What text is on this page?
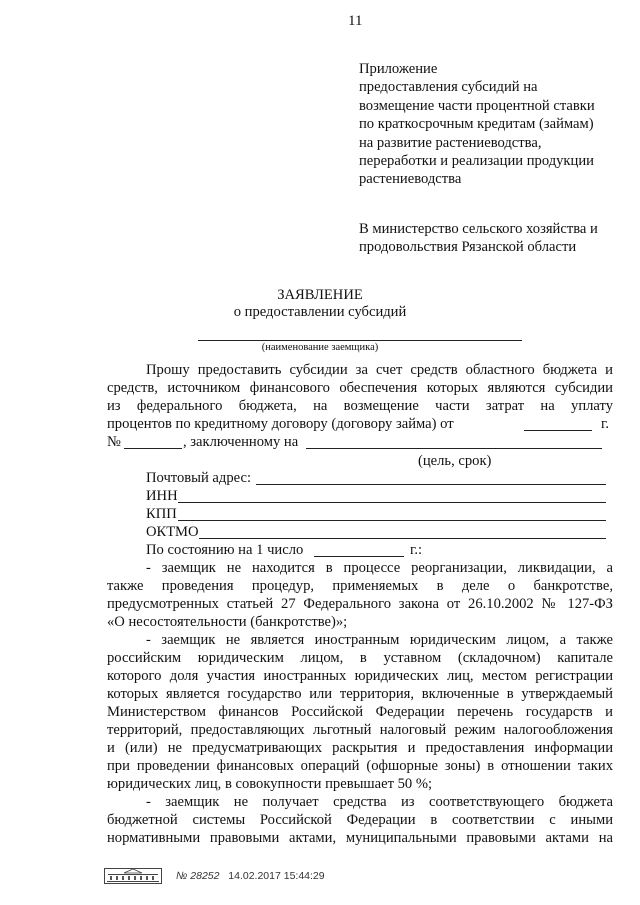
11
Приложение
предоставления субсидий на
возмещение части процентной ставки
по краткосрочным кредитам (займам)
на развитие растениеводства,
переработки и реализации продукции
растениеводства
В министерство сельского хозяйства и
продовольствия Рязанской области
ЗАЯВЛЕНИЕ
о предоставлении субсидий
(наименование заемщика)
Прошу предоставить субсидии за счет средств областного бюджета и
средств, источником финансового обеспечения которых являются субсидии
из федерального бюджета, на возмещение части затрат на уплату
процентов по кредитному договору (договору займа) от	г.
№	, заключенному на
(цель, срок)
Почтовый адрес:
ИНН
КПП
ОКТМО
По состоянию на 1 число	г.:
- заемщик не находится в процессе реорганизации, ликвидации, а
также проведения процедур, применяемых в деле о банкротстве,
предусмотренных статьей 27 Федерального закона от 26.10.2002 № 127-ФЗ
«О несостоятельности (банкротстве)»;
- заемщик не является иностранным юридическим лицом, а также
российским юридическим лицом, в уставном (складочном) капитале
которого доля участия иностранных юридических лиц, местом регистрации
которых является государство или территория, включенные в утверждаемый
Министерством финансов Российской Федерации перечень государств и
территорий, предоставляющих льготный налоговый режим налогообложения
и (или) не предусматривающих раскрытия и предоставления информации
при проведении финансовых операций (офшорные зоны) в отношении таких
юридических лиц, в совокупности превышает 50 %;
- заемщик не получает средства из соответствующего бюджета
бюджетной системы Российской Федерации в соответствии с иными
нормативными правовыми актами, муниципальными правовыми актами на
№ 28252 14.02.2017 15:44:29
